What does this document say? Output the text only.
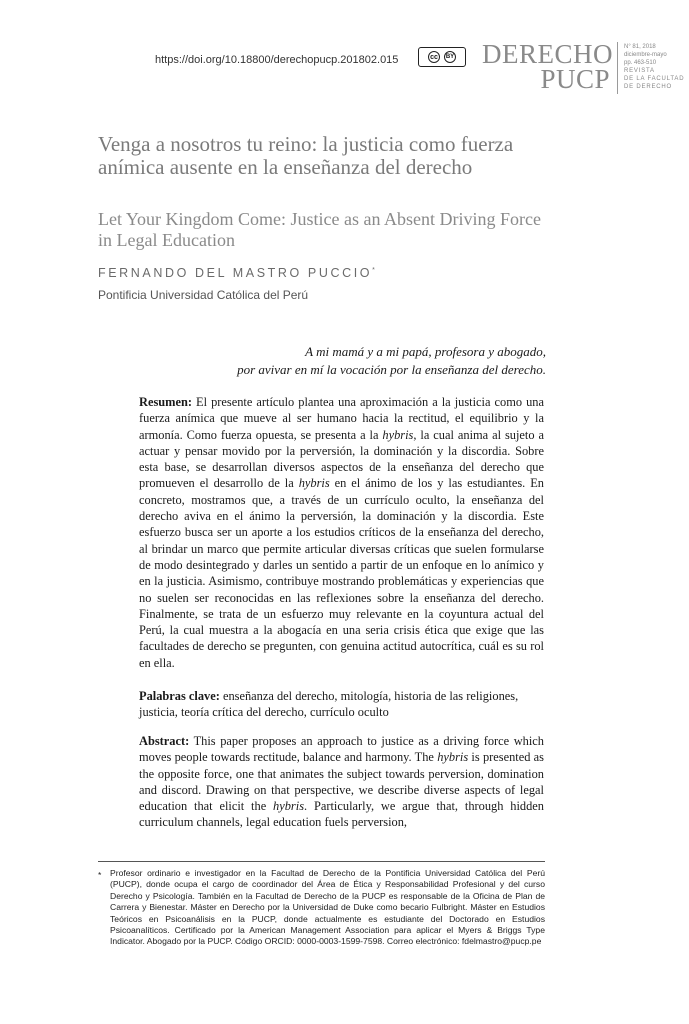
https://doi.org/10.18800/derechopucp.201802.015	cc	BY DERECHO
PUCP
N° 81, 2018
diciembre-mayo
pp. 463-510
REVISTA
DE LA FACULTAD
DE DERECHO
Venga a nosotros tu reino: la justicia como fuerza anímica ausente en la enseñanza del derecho
Let Your Kingdom Come: Justice as an Absent Driving Force in Legal Education
FERNANDO DEL MASTRO PUCCIO*
Pontificia Universidad Católica del Perú
A mi mamá y a mi papá, profesora y abogado,
por avivar en mí la vocación por la enseñanza del derecho.
Resumen: El presente artículo plantea una aproximación a la justicia como una fuerza anímica que mueve al ser humano hacia la rectitud, el equilibrio y la armonía. Como fuerza opuesta, se presenta a la hybris, la cual anima al sujeto a actuar y pensar movido por la perversión, la dominación y la discordia. Sobre esta base, se desarrollan diversos aspectos de la enseñanza del derecho que promueven el desarrollo de la hybris en el ánimo de los y las estudiantes. En concreto, mostramos que, a través de un currículo oculto, la enseñanza del derecho aviva en el ánimo la perversión, la dominación y la discordia. Este esfuerzo busca ser un aporte a los estudios críticos de la enseñanza del derecho, al brindar un marco que permite articular diversas críticas que suelen formularse de modo desintegrado y darles un sentido a partir de un enfoque en lo anímico y en la justicia. Asimismo, contribuye mostrando problemáticas y experiencias que no suelen ser reconocidas en las reflexiones sobre la enseñanza del derecho. Finalmente, se trata de un esfuerzo muy relevante en la coyuntura actual del Perú, la cual muestra a la abogacía en una seria crisis ética que exige que las facultades de derecho se pregunten, con genuina actitud autocrítica, cuál es su rol en ella.
Palabras clave: enseñanza del derecho, mitología, historia de las religiones, justicia, teoría crítica del derecho, currículo oculto
Abstract: This paper proposes an approach to justice as a driving force which moves people towards rectitude, balance and harmony. The hybris is presented as the opposite force, one that animates the subject towards perversion, domination and discord. Drawing on that perspective, we describe diverse aspects of legal education that elicit the hybris. Particularly, we argue that, through hidden curriculum channels, legal education fuels perversion,
* Profesor ordinario e investigador en la Facultad de Derecho de la Pontificia Universidad Católica del Perú (PUCP), donde ocupa el cargo de coordinador del Área de Ética y Responsabilidad Profesional y del curso Derecho y Psicología. También en la Facultad de Derecho de la PUCP es responsable de la Oficina de Plan de Carrera y Bienestar. Máster en Derecho por la Universidad de Duke como becario Fulbright. Máster en Estudios Teóricos en Psicoanálisis en la PUCP, donde actualmente es estudiante del Doctorado en Estudios Psicoanalíticos. Certificado por la American Management Association para aplicar el Myers & Briggs Type Indicator. Abogado por la PUCP. Código ORCID: 0000-0003-1599-7598. Correo electrónico: fdelmastro@pucp.pe
